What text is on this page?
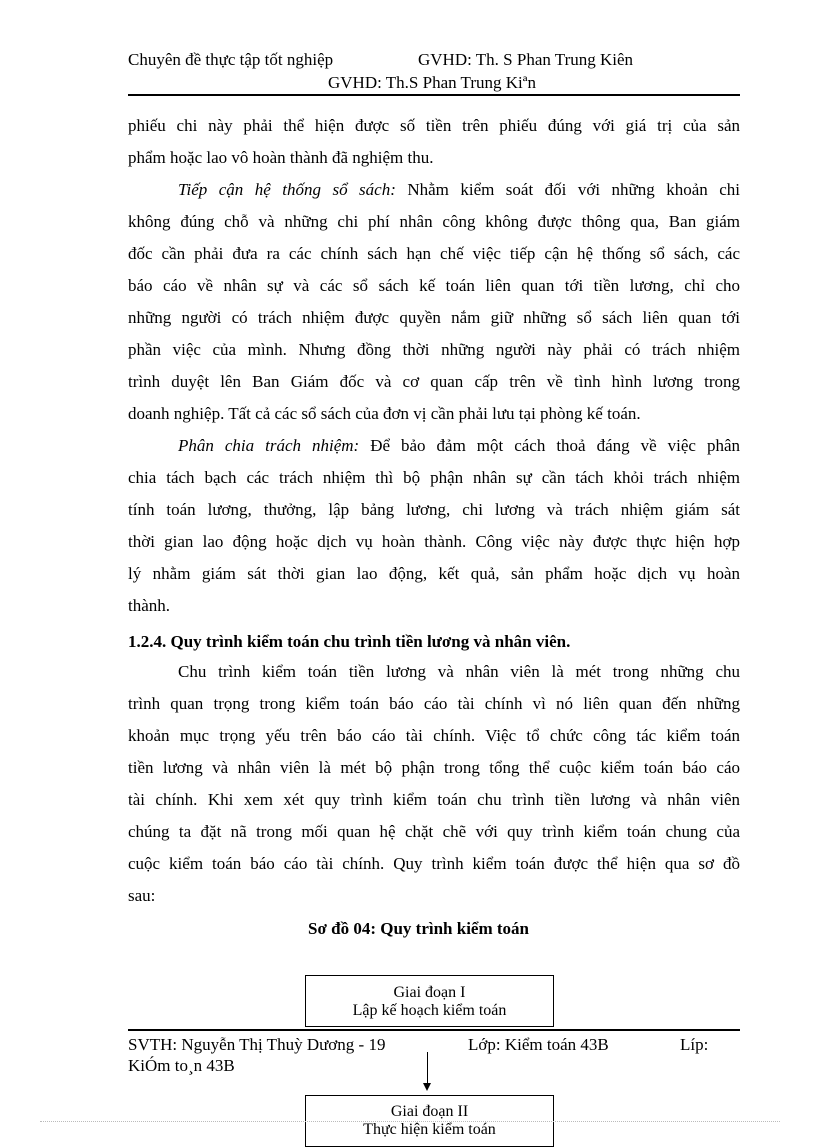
Chuyên đề thực tập tốt nghiệp	GVHD: Th. S Phan Trung Kiên
GVHD: Th.S Phan Trung Kiªn
phiếu chi này phải thể hiện được số tiền trên phiếu đúng với giá trị của sản
phẩm hoặc lao vô hoàn thành đã nghiệm thu.
Tiếp cận hệ thống sổ sách: Nhằm kiểm soát đối với những khoản chi
không đúng chỗ và những chi phí nhân công không được thông qua, Ban giám
đốc cần phải đưa ra các chính sách hạn chế việc tiếp cận hệ thống sổ sách, các
báo cáo về nhân sự và các sổ sách kế toán liên quan tới tiền lương, chỉ cho
những người có trách nhiệm được quyền nắm giữ những sổ sách liên quan tới
phần việc của mình. Nhưng đồng thời những người này phải có trách nhiệm
trình duyệt lên Ban Giám đốc và cơ quan cấp trên về tình hình lương trong
doanh nghiệp. Tất cả các sổ sách của đơn vị cần phải lưu tại phòng kế toán.
Phân chia trách nhiệm: Để bảo đảm một cách thoả đáng về việc phân
chia tách bạch các trách nhiệm thì bộ phận nhân sự cần tách khỏi trách nhiệm
tính toán lương, thưởng, lập bảng lương, chi lương và trách nhiệm giám sát
thời gian lao động hoặc dịch vụ hoàn thành. Công việc này được thực hiện hợp
lý nhằm giám sát thời gian lao động, kết quả, sản phẩm hoặc dịch vụ hoàn
thành.
1.2.4. Quy trình kiểm toán chu trình tiền lương và nhân viên.
Chu trình kiểm toán tiền lương và nhân viên là mét trong những chu
trình quan trọng trong kiểm toán báo cáo tài chính vì nó liên quan đến những
khoản mục trọng yếu trên báo cáo tài chính. Việc tổ chức công tác kiểm toán
tiền lương và nhân viên là mét bộ phận trong tổng thể cuộc kiểm toán báo cáo
tài chính. Khi xem xét quy trình kiểm toán chu trình tiền lương và nhân viên
chúng ta đặt nã trong mối quan hệ chặt chẽ với quy trình kiểm toán chung của
cuộc kiểm toán báo cáo tài chính. Quy trình kiểm toán được thể hiện qua sơ đồ
sau:
Sơ đồ 04: Quy trình kiểm toán
SVTH: Nguyễn Thị Thuỳ Dương - 19	Lớp: Kiểm toán 43B	Líp:
KiÓm to¸n 43B
Giai đoạn I
Lập kế hoạch kiểm toán
Giai đoạn II
Thực hiện kiểm toán
